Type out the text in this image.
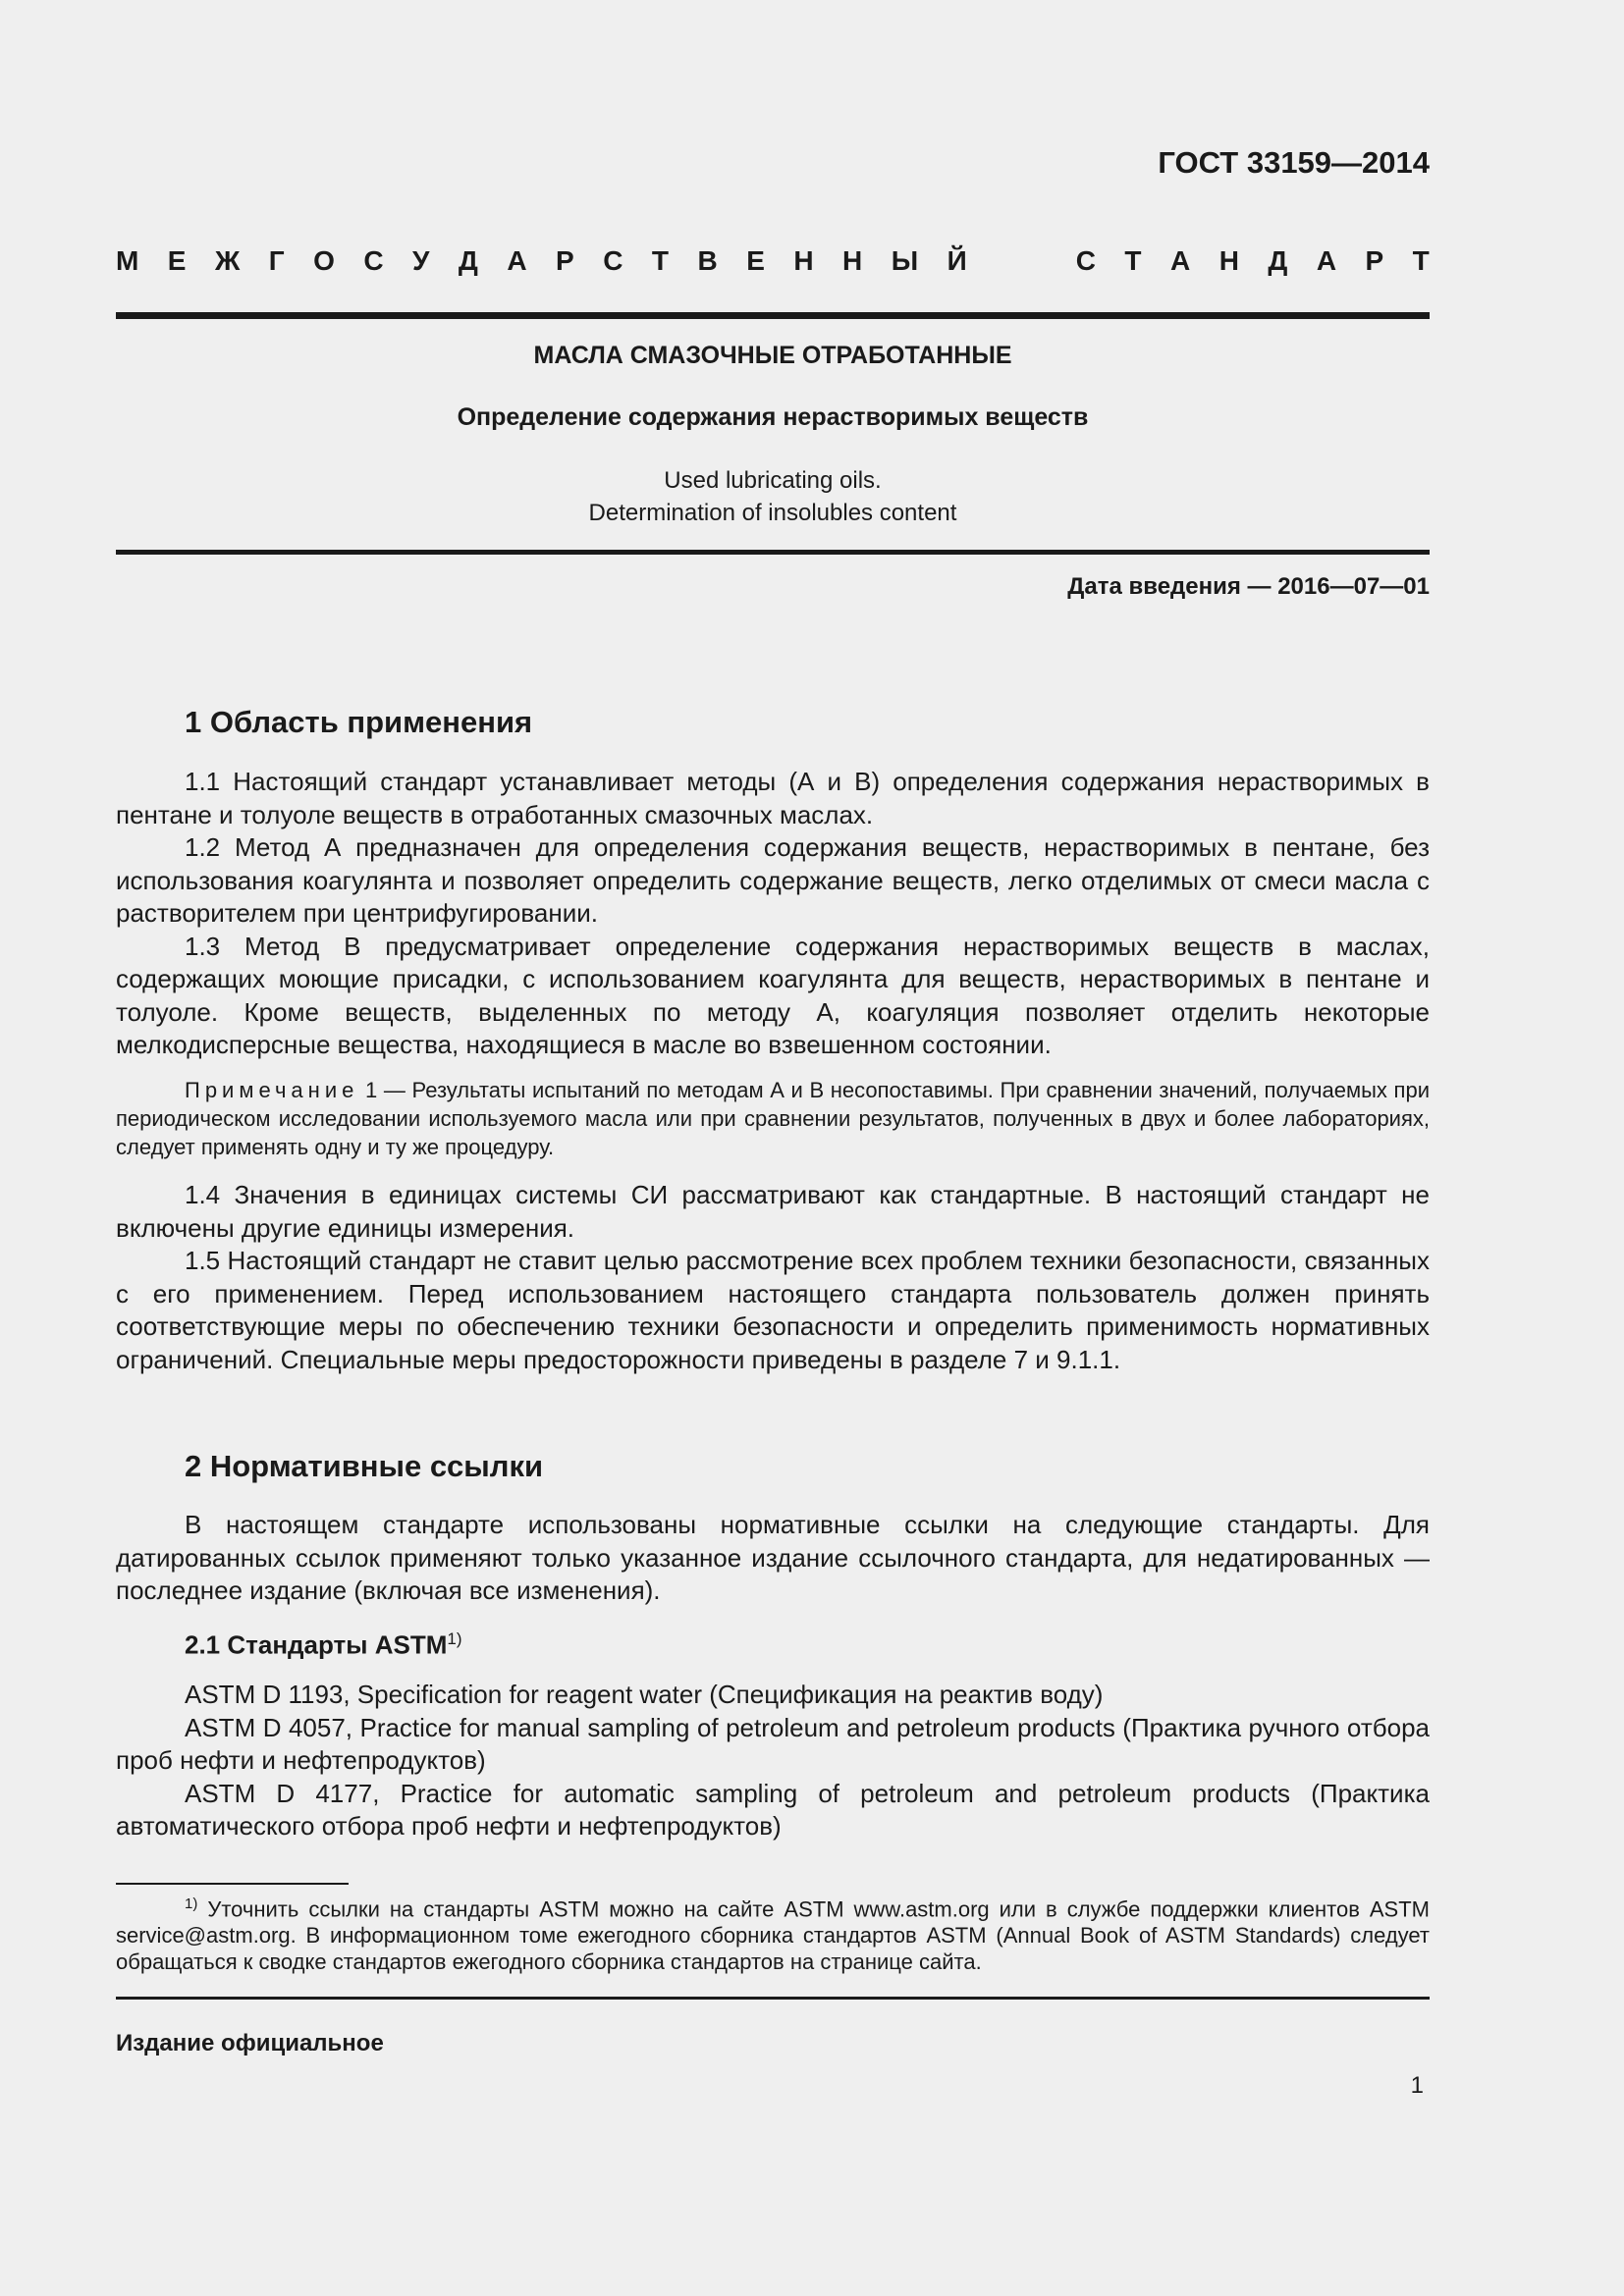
ГОСТ 33159—2014
М Е Ж Г О С У Д А Р С Т В Е Н Н Ы Й	С Т А Н Д А Р Т
МАСЛА СМАЗОЧНЫЕ ОТРАБОТАННЫЕ
Определение содержания нерастворимых веществ
Used lubricating oils.
Determination of insolubles content
Дата введения — 2016—07—01
1 Область применения

1.1 Настоящий стандарт устанавливает методы (А и В) определения содержания нерастворимых в пентане и толуоле веществ в отработанных смазочных маслах.

1.2 Метод А предназначен для определения содержания веществ, нерастворимых в пентане, без использования коагулянта и позволяет определить содержание веществ, легко отделимых от смеси масла с растворителем при центрифугировании.

1.3 Метод В предусматривает определение содержания нерастворимых веществ в маслах, содержащих моющие присадки, с использованием коагулянта для веществ, нерастворимых в пентане и толуоле. Кроме веществ, выделенных по методу А, коагуляция позволяет отделить некоторые мелкодисперсные вещества, находящиеся в масле во взвешенном состоянии.

Примечание 1 — Результаты испытаний по методам А и В несопоставимы. При сравнении значений, получаемых при периодическом исследовании используемого масла или при сравнении результатов, полученных в двух и более лабораториях, следует применять одну и ту же процедуру.

1.4 Значения в единицах системы СИ рассматривают как стандартные. В настоящий стандарт не включены другие единицы измерения.

1.5 Настоящий стандарт не ставит целью рассмотрение всех проблем техники безопасности, связанных с его применением. Перед использованием настоящего стандарта пользователь должен принять соответствующие меры по обеспечению техники безопасности и определить применимость нормативных ограничений. Специальные меры предосторожности приведены в разделе 7 и 9.1.1.

2 Нормативные ссылки

В настоящем стандарте использованы нормативные ссылки на следующие стандарты. Для датированных ссылок применяют только указанное издание ссылочного стандарта, для недатированных — последнее издание (включая все изменения).

2.1 Стандарты ASTM$^{1)}$

ASTM D 1193, Specification for reagent water (Спецификация на реактив воду)

ASTM D 4057, Practice for manual sampling of petroleum and petroleum products (Практика ручного отбора проб нефти и нефтепродуктов)

ASTM D 4177, Practice for automatic sampling of petroleum and petroleum products (Практика автоматического отбора проб нефти и нефтепродуктов)

$^{1)}$ Уточнить ссылки на стандарты ASTM можно на сайте ASTM www.astm.org или в службе поддержки клиентов ASTM service@astm.org. В информационном томе ежегодного сборника стандартов ASTM (Annual Book of ASTM Standards) следует обращаться к сводке стандартов ежегодного сборника стандартов на странице сайта.

Издание официальное
1
